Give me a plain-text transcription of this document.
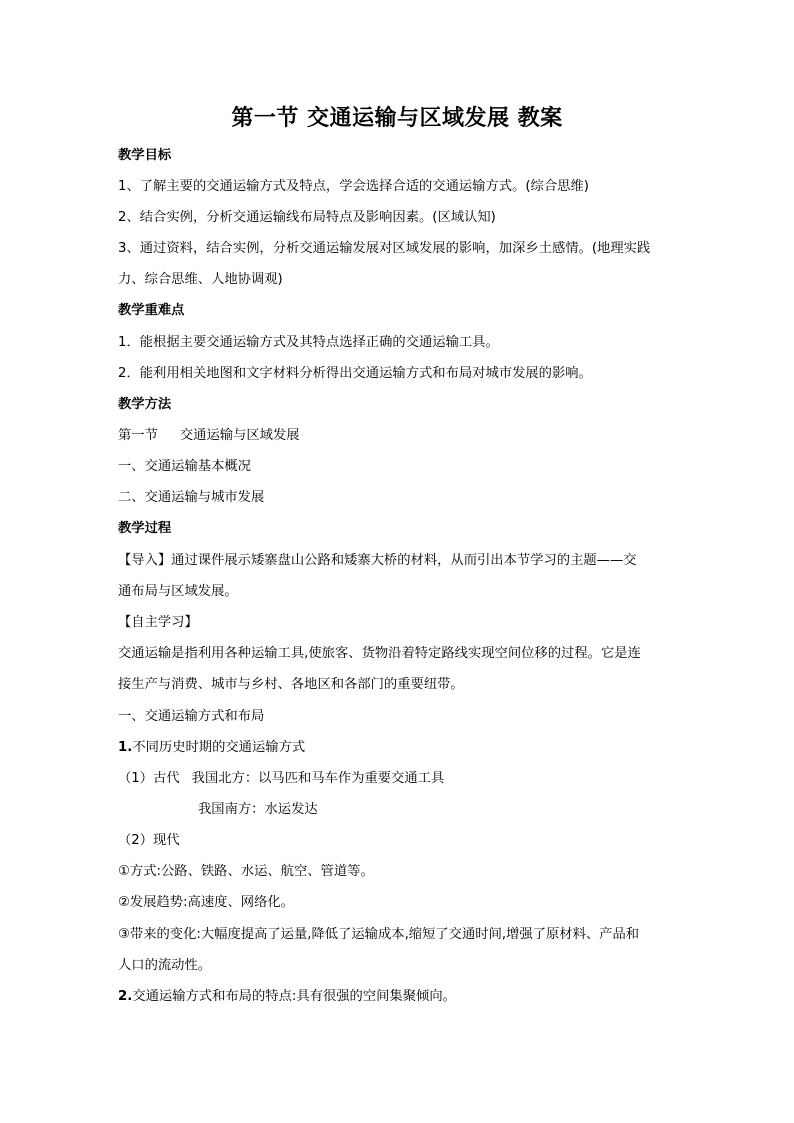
第一节 交通运输与区域发展 教案
教学目标
1、了解主要的交通运输方式及特点，学会选择合适的交通运输方式。(综合思维)
2、结合实例，分析交通运输线布局特点及影响因素。(区域认知)
3、通过资料，结合实例，分析交通运输发展对区域发展的影响，加深乡土感情。(地理实践
力、综合思维、人地协调观)
教学重难点
1．能根据主要交通运输方式及其特点选择正确的交通运输工具。
2．能利用相关地图和文字材料分析得出交通运输方式和布局对城市发展的影响。
教学方法
第一节 交通运输与区域发展
一、交通运输基本概况
二、交通运输与城市发展
教学过程
【导入】通过课件展示矮寨盘山公路和矮寨大桥的材料，从而引出本节学习的主题——交
通布局与区域发展。
【自主学习】
交通运输是指利用各种运输工具,使旅客、货物沿着特定路线实现空间位移的过程。它是连
接生产与消费、城市与乡村、各地区和各部门的重要纽带。
一、交通运输方式和布局
1.不同历史时期的交通运输方式
（1）古代 我国北方：以马匹和马车作为重要交通工具
我国南方：水运发达
（2）现代
①方式:公路、铁路、水运、航空、管道等。
②发展趋势:高速度、网络化。
③带来的变化:大幅度提高了运量,降低了运输成本,缩短了交通时间,增强了原材料、产品和
人口的流动性。
2.交通运输方式和布局的特点:具有很强的空间集聚倾向。
